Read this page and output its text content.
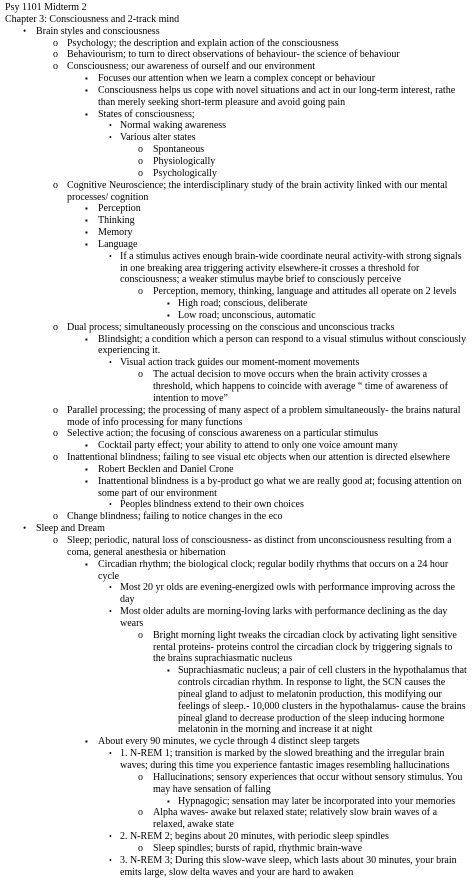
Psy 1101 Midterm 2
Chapter 3: Consciousness and 2-track mind
• Brain styles and consciousness
o Psychology; the description and explain action of the consciousness
o Behaviourism; to turn to direct observations of behaviour- the science of behaviour
o Consciousness; our awareness of ourself and our environment
▪	Focuses our attention when we learn a complex concept or behaviour
▪	Consciousness helps us cope with novel situations and act in our long-term interest, rathe than merely seeking short-term pleasure and avoid going pain
▪	States of consciousness;
• Normal waking awareness
• Various alter states
o	Spontaneous
o	Physiologically
o	Psychologically
o Cognitive Neuroscience; the interdisciplinary study of the brain activity linked with our mental processes/ cognition
▪	Perception
▪	Thinking
▪	Memory
▪	Language
• If a stimulus actives enough brain-wide coordinate neural activity-with strong signals in one breaking area triggering activity elsewhere-it crosses a threshold for consciousness; a weaker stimulus maybe brief to consciously perceive
o	Perception, memory, thinking, language and attitudes all operate on 2 levels
▪ High road; conscious, deliberate
▪ Low road; unconscious, automatic
o Dual process; simultaneously processing on the conscious and unconscious tracks
▪	Blindsight; a condition which a person can respond to a visual stimulus without consciously experiencing it.
• Visual action track guides our moment-moment movements
o	The actual decision to move occurs when the brain activity crosses a threshold, which happens to coincide with average “ time of awareness of intention to move”
o Parallel processing; the processing of many aspect of a problem simultaneously- the brains natural mode of info processing for many functions
o Selective action; the focusing of conscious awareness on a particular stimulus
▪	Cocktail party effect; your ability to attend to only one voice amount many
o Inattentional blindness; failing to see visual etc objects when our attention is directed elsewhere
▪	Robert Becklen and Daniel Crone
▪	Inattentional blindness is a by-product go what we are really good at; focusing attention on some part of our environment
• Peoples blindness extend to their own choices
o Change blindness; failing to notice changes in the eco
• Sleep and Dream
o Sleep; periodic, natural loss of consciousness- as distinct from unconsciousness resulting from a coma, general anesthesia or hibernation
▪	Circadian rhythm; the biological clock; regular bodily rhythms that occurs on a 24 hour cycle
• Most 20 yr olds are evening-energized owls with performance improving across the day
• Most older adults are morning-loving larks with performance declining as the day wears
o	Bright morning light tweaks the circadian clock by activating light sensitive rental proteins- proteins control the circadian clock by triggering signals to the brains suprachiasmatic nucleus
▪ Suprachiasmatic nucleus; a pair of cell clusters in the hypothalamus that controls circadian rhythm. In response to light, the SCN causes the pineal gland to adjust to melatonin production, this modifying our feelings of sleep.- 10,000 clusters in the hypothalamus- cause the brains pineal gland to decrease production of the sleep inducing hormone melatonin in the morning and increase it at night
▪	About every 90 minutes, we cycle through 4 distinct sleep targets
• 1. N-REM 1; transition is marked by the slowed breathing and the irregular brain waves; during this time you experience fantastic images resembling hallucinations
o	Hallucinations; sensory experiences that occur without sensory stimulus. You may have sensation of falling
▪ Hypnagogic; sensation may later be incorporated into your memories
o	Alpha waves- awake but relaxed state; relatively slow brain waves of a relaxed, awake state
• 2. N-REM 2; begins about 20 minutes, with periodic sleep spindles
o	Sleep spindles; bursts of rapid, rhythmic brain-wave
• 3. N-REM 3; During this slow-wave sleep, which lasts about 30 minutes, your brain emits large, slow delta waves and your are hard to awaken
